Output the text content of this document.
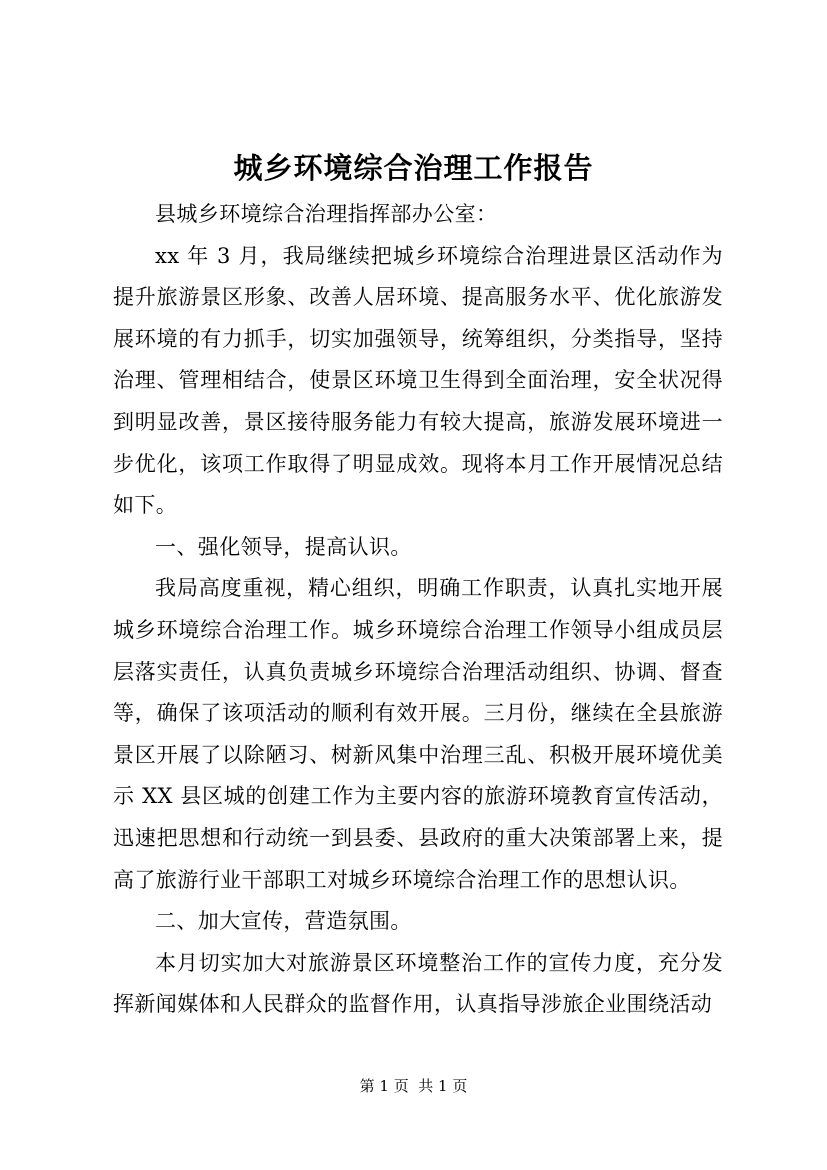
城乡环境综合治理工作报告

县城乡环境综合治理指挥部办公室：

xx 年 3 月，我局继续把城乡环境综合治理进景区活动作为提升旅游景区形象、改善人居环境、提高服务水平、优化旅游发展环境的有力抓手，切实加强领导，统筹组织，分类指导，坚持治理、管理相结合，使景区环境卫生得到全面治理，安全状况得到明显改善，景区接待服务能力有较大提高，旅游发展环境进一步优化，该项工作取得了明显成效。现将本月工作开展情况总结如下。

一、强化领导，提高认识。

我局高度重视，精心组织，明确工作职责，认真扎实地开展城乡环境综合治理工作。城乡环境综合治理工作领导小组成员层层落实责任，认真负责城乡环境综合治理活动组织、协调、督查等，确保了该项活动的顺利有效开展。三月份，继续在全县旅游景区开展了以除陋习、树新风集中治理三乱、积极开展环境优美示 XX 县区城的创建工作为主要内容的旅游环境教育宣传活动，迅速把思想和行动统一到县委、县政府的重大决策部署上来，提高了旅游行业干部职工对城乡环境综合治理工作的思想认识。

二、加大宣传，营造氛围。

本月切实加大对旅游景区环境整治工作的宣传力度，充分发挥新闻媒体和人民群众的监督作用，认真指导涉旅企业围绕活动

第 1 页  共 1 页
